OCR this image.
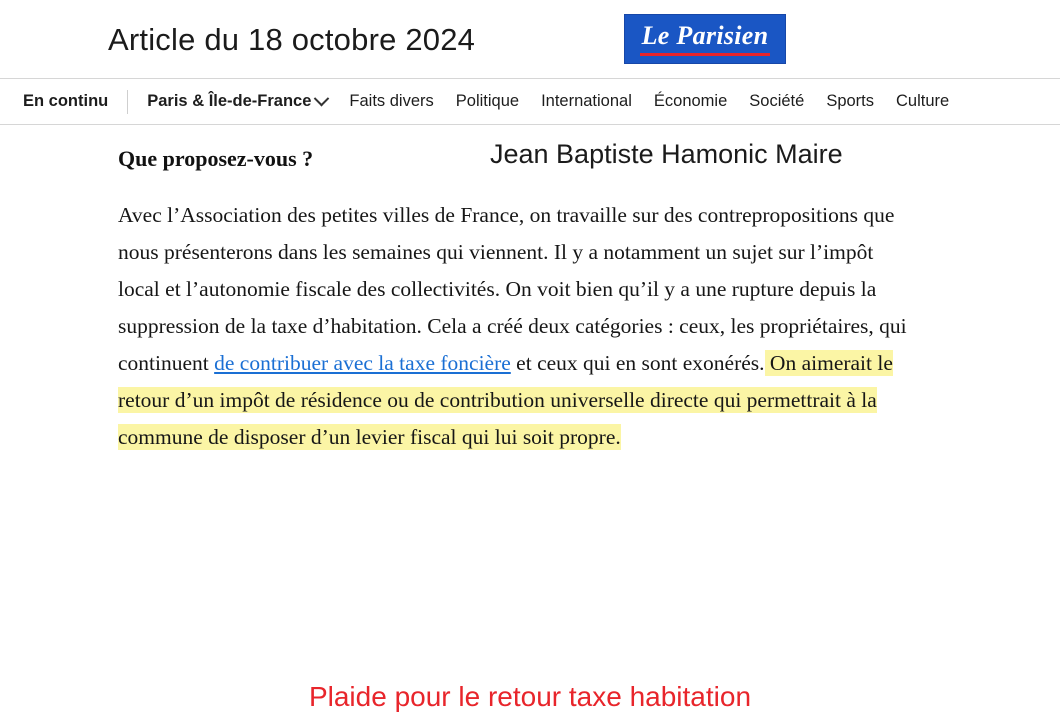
Article du 18 octobre 2024	Le Parisien
En continu Paris & Île-de-France Faits divers Politique International Économie Société Sports Culture
Que proposez-vous ?	Jean Baptiste Hamonic Maire
Avec l’Association des petites villes de France, on travaille sur des contrepropositions que nous présenterons dans les semaines qui viennent. Il y a notamment un sujet sur l’impôt local et l’autonomie fiscale des collectivités. On voit bien qu’il y a une rupture depuis la suppression de la taxe d’habitation. Cela a créé deux catégories : ceux, les propriétaires, qui continuent de contribuer avec la taxe foncière et ceux qui en sont exonérés. On aimerait le retour d’un impôt de résidence ou de contribution universelle directe qui permettrait à la commune de disposer d’un levier fiscal qui lui soit propre.
Plaide pour le retour taxe habitation
